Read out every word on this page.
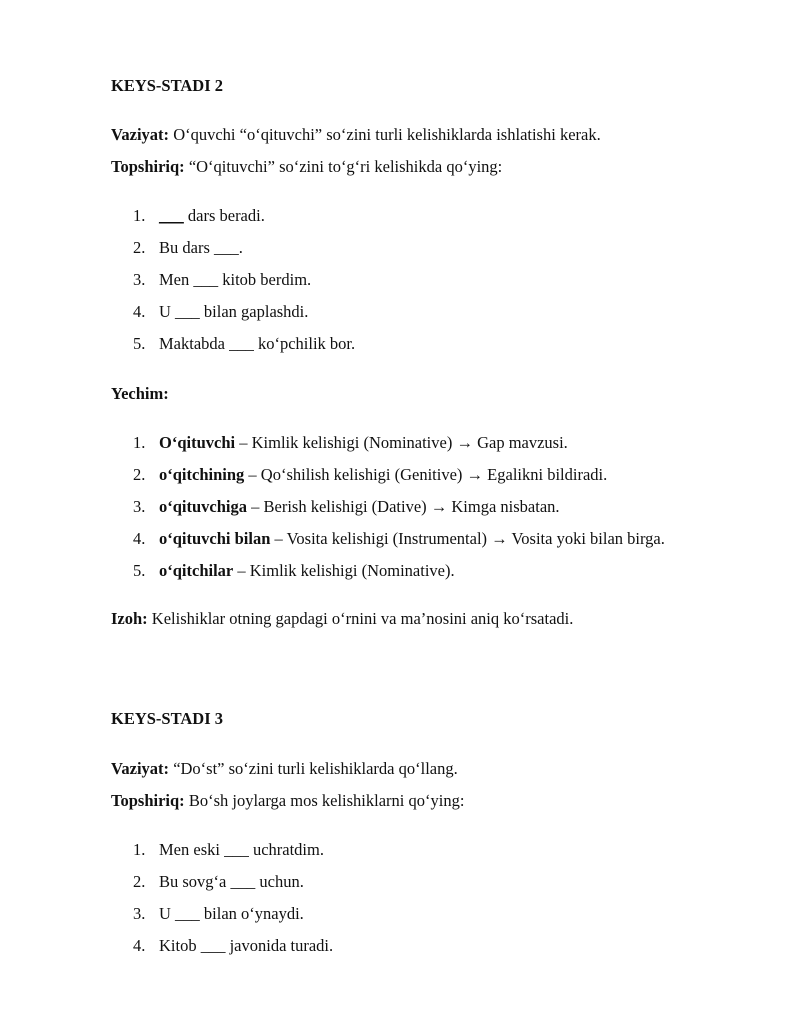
KEYS-STADI 2
Vaziyat: O‘quvchi “o‘qituvchi” so‘zini turli kelishiklarda ishlatishi kerak.
Topshiriq: “O‘qituvchi” so‘zini to‘g‘ri kelishikda qo‘ying:
1. ___ dars beradi.
2. Bu dars ___.
3. Men ___ kitob berdim.
4. U ___ bilan gaplashdi.
5. Maktabda ___ ko‘pchilik bor.
Yechim:
1. O‘qituvchi – Kimlik kelishigi (Nominative) → Gap mavzusi.
2. o‘qitchining – Qo‘shilish kelishigi (Genitive) → Egalikni bildiradi.
3. o‘qituvchiga – Berish kelishigi (Dative) → Kimga nisbatan.
4. o‘qituvchi bilan – Vosita kelishigi (Instrumental) → Vosita yoki bilan birga.
5. o‘qitchilar – Kimlik kelishigi (Nominative).
Izoh: Kelishiklar otning gapdagi o‘rnini va ma’nosini aniq ko‘rsatadi.
KEYS-STADI 3
Vaziyat: “Do‘st” so‘zini turli kelishiklarda qo‘llang.
Topshiriq: Bo‘sh joylarga mos kelishiklarni qo‘ying:
1. Men eski ___ uchratdim.
2. Bu sovg‘a ___ uchun.
3. U ___ bilan o‘ynaydi.
4. Kitob ___ javonida turadi.
